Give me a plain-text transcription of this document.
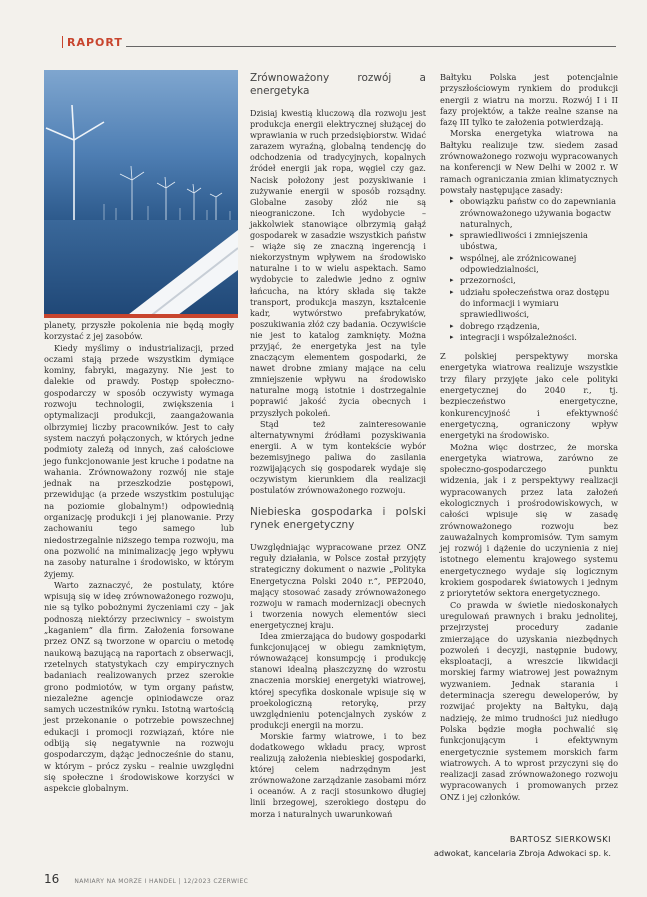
RAPORT

planety, przyszłe pokolenia nie będą mogły korzystać z jej zasobów.

Kiedy myślimy o industrializacji, przed oczami stają przede wszystkim dymiące kominy, fabryki, magazyny. Nie jest to dalekie od prawdy. Postęp społeczno-gospodarczy w sposób oczywisty wymaga rozwoju technologii, zwiększenia i optymalizacji produkcji, zaangażowania olbrzymiej liczby pracowników. Jest to cały system naczyń połączonych, w których jedne podmioty zależą od innych, zaś całościowe jego funkcjonowanie jest kruche i podatne na wahania. Zrównoważony rozwój nie staje jednak na przeszkodzie postępowi, przewidując (a przede wszystkim postulując na poziomie globalnym!) odpowiednią organizację produkcji i jej planowanie. Przy zachowaniu tego samego lub niedostrzegalnie niższego tempa rozwoju, ma ona pozwolić na minimalizację jego wpływu na zasoby naturalne i środowisko, w którym żyjemy.

Warto zaznaczyć, że postulaty, które wpisują się w ideę zrównoważonego rozwoju, nie są tylko pobożnymi życzeniami czy – jak podnoszą niektórzy przeciwnicy – swoistym „kaganiem” dla firm. Założenia forsowane przez ONZ są tworzone w oparciu o metodę naukową bazującą na raportach z obserwacji, rzetelnych statystykach czy empirycznych badaniach realizowanych przez szerokie grono podmiotów, w tym organy państw, niezależne agencje opiniodawcze oraz samych uczestników rynku. Istotną wartością jest przekonanie o potrzebie powszechnej edukacji i promocji rozwiązań, które nie odbiją się negatywnie na rozwoju gospodarczym, dążąc jednocześnie do stanu, w którym – prócz zysku – realnie uwzględni się społeczne i środowiskowe korzyści w aspekcie globalnym.

Zrównoważony rozwój a energetyka

Dzisiaj kwestią kluczową dla rozwoju jest produkcja energii elektrycznej służącej do wprawiania w ruch przedsiębiorstw. Widać zarazem wyraźną, globalną tendencję do odchodzenia od tradycyjnych, kopalnych źródeł energii jak ropa, węgiel czy gaz. Nacisk położony jest pozyskiwanie i zużywanie energii w sposób rozsądny. Globalne zasoby złóż nie są nieograniczone. Ich wydobycie – jakkolwiek stanowiące olbrzymią gałąź gospodarek w zasadzie wszystkich państw – wiąże się ze znaczną ingerencją i niekorzystnym wpływem na środowisko naturalne i to w wielu aspektach. Samo wydobycie to zaledwie jedno z ogniw łańcucha, na który składa się także transport, produkcja maszyn, kształcenie kadr, wytwórstwo prefabrykatów, poszukiwania złóż czy badania. Oczywiście nie jest to katalog zamknięty. Można przyjąć, że energetyka jest na tyle znaczącym elementem gospodarki, że nawet drobne zmiany mające na celu zmniejszenie wpływu na środowisko naturalne mogą istotnie i dostrzegalnie poprawić jakość życia obecnych i przyszłych pokoleń.

Stąd też zainteresowanie alternatywnymi źródłami pozyskiwania energii. A w tym kontekście wybór bezemisyjnego paliwa do zasilania rozwijających się gospodarek wydaje się oczywistym kierunkiem dla realizacji postulatów zrównoważonego rozwoju.

Niebieska gospodarka i polski rynek energetyczny

Uwzględniając wypracowane przez ONZ reguły działania, w Polsce został przyjęty strategiczny dokument o nazwie „Polityka Energetyczna Polski 2040 r.”, PEP2040, mający stosować zasady zrównoważonego rozwoju w ramach modernizacji obecnych i tworzenia nowych elementów sieci energetycznej kraju.

Idea zmierzająca do budowy gospodarki funkcjonującej w obiegu zamkniętym, równoważącej konsumpcję i produkcję stanowi idealną płaszczyznę do wzrostu znaczenia morskiej energetyki wiatrowej, której specyfika doskonale wpisuje się w proekologiczną retorykę, przy uwzględnieniu potencjalnych zysków z produkcji energii na morzu.

Morskie farmy wiatrowe, i to bez dodatkowego wkładu pracy, wprost realizują założenia niebieskiej gospodarki, której celem nadrzędnym jest zrównoważone zarządzanie zasobami mórz i oceanów. A z racji stosunkowo długiej linii brzegowej, szerokiego dostępu do morza i naturalnych uwarunkowań

Bałtyku Polska jest potencjalnie przyszłościowym rynkiem do produkcji energii z wiatru na morzu. Rozwój I i II fazy projektów, a także realne szanse na fazę III tylko te założenia potwierdzają.

Morska energetyka wiatrowa na Bałtyku realizuje tzw. siedem zasad zrównoważonego rozwoju wypracowanych na konferencji w New Delhi w 2002 r. W ramach ograniczania zmian klimatycznych powstały następujące zasady:

▸ obowiązku państw co do zapewniania zrównoważonego używania bogactw naturalnych,
▸ sprawiedliwości i zmniejszenia ubóstwa,
▸ wspólnej, ale zróżnicowanej odpowiedzialności,
▸ przezorności,
▸ udziału społeczeństwa oraz dostępu do informacji i wymiaru sprawiedliwości,
▸ dobrego rządzenia,
▸ integracji i współzależności.

Z polskiej perspektywy morska energetyka wiatrowa realizuje wszystkie trzy filary przyjęte jako cele polityki energetycznej do 2040 r., tj. bezpieczeństwo energetyczne, konkurencyjność i efektywność energetyczną, ograniczony wpływ energetyki na środowisko.

Można więc dostrzec, że morska energetyka wiatrowa, zarówno ze społeczno-gospodarczego punktu widzenia, jak i z perspektywy realizacji wypracowanych przez lata założeń ekologicznych i prośrodowiskowych, w całości wpisuje się w zasadę zrównoważonego rozwoju bez zauważalnych kompromisów. Tym samym jej rozwój i dążenie do uczynienia z niej istotnego elementu krajowego systemu energetycznego wydaje się logicznym krokiem gospodarek światowych i jednym z priorytetów sektora energetycznego.

Co prawda w świetle niedoskonałych uregulowań prawnych i braku jednolitej, przejrzystej procedury zadanie zmierzające do uzyskania niezbędnych pozwoleń i decyzji, następnie budowy, eksploatacji, a wreszcie likwidacji morskiej farmy wiatrowej jest poważnym wyzwaniem. Jednak starania i determinacja szeregu deweloperów, by rozwijać projekty na Bałtyku, dają nadzieję, że mimo trudności już niedługo Polska będzie mogła pochwalić się funkcjonującym i efektywnym energetycznie systemem morskich farm wiatrowych. A to wprost przyczyni się do realizacji zasad zrównoważonego rozwoju wypracowanych i promowanych przez ONZ i jej członków.

BARTOSZ SIERKOWSKI
adwokat, kancelaria Zbroja Adwokaci sp. k.
16	NAMIARY NA MORZE I HANDEL | 12/2023 CZERWIEC
